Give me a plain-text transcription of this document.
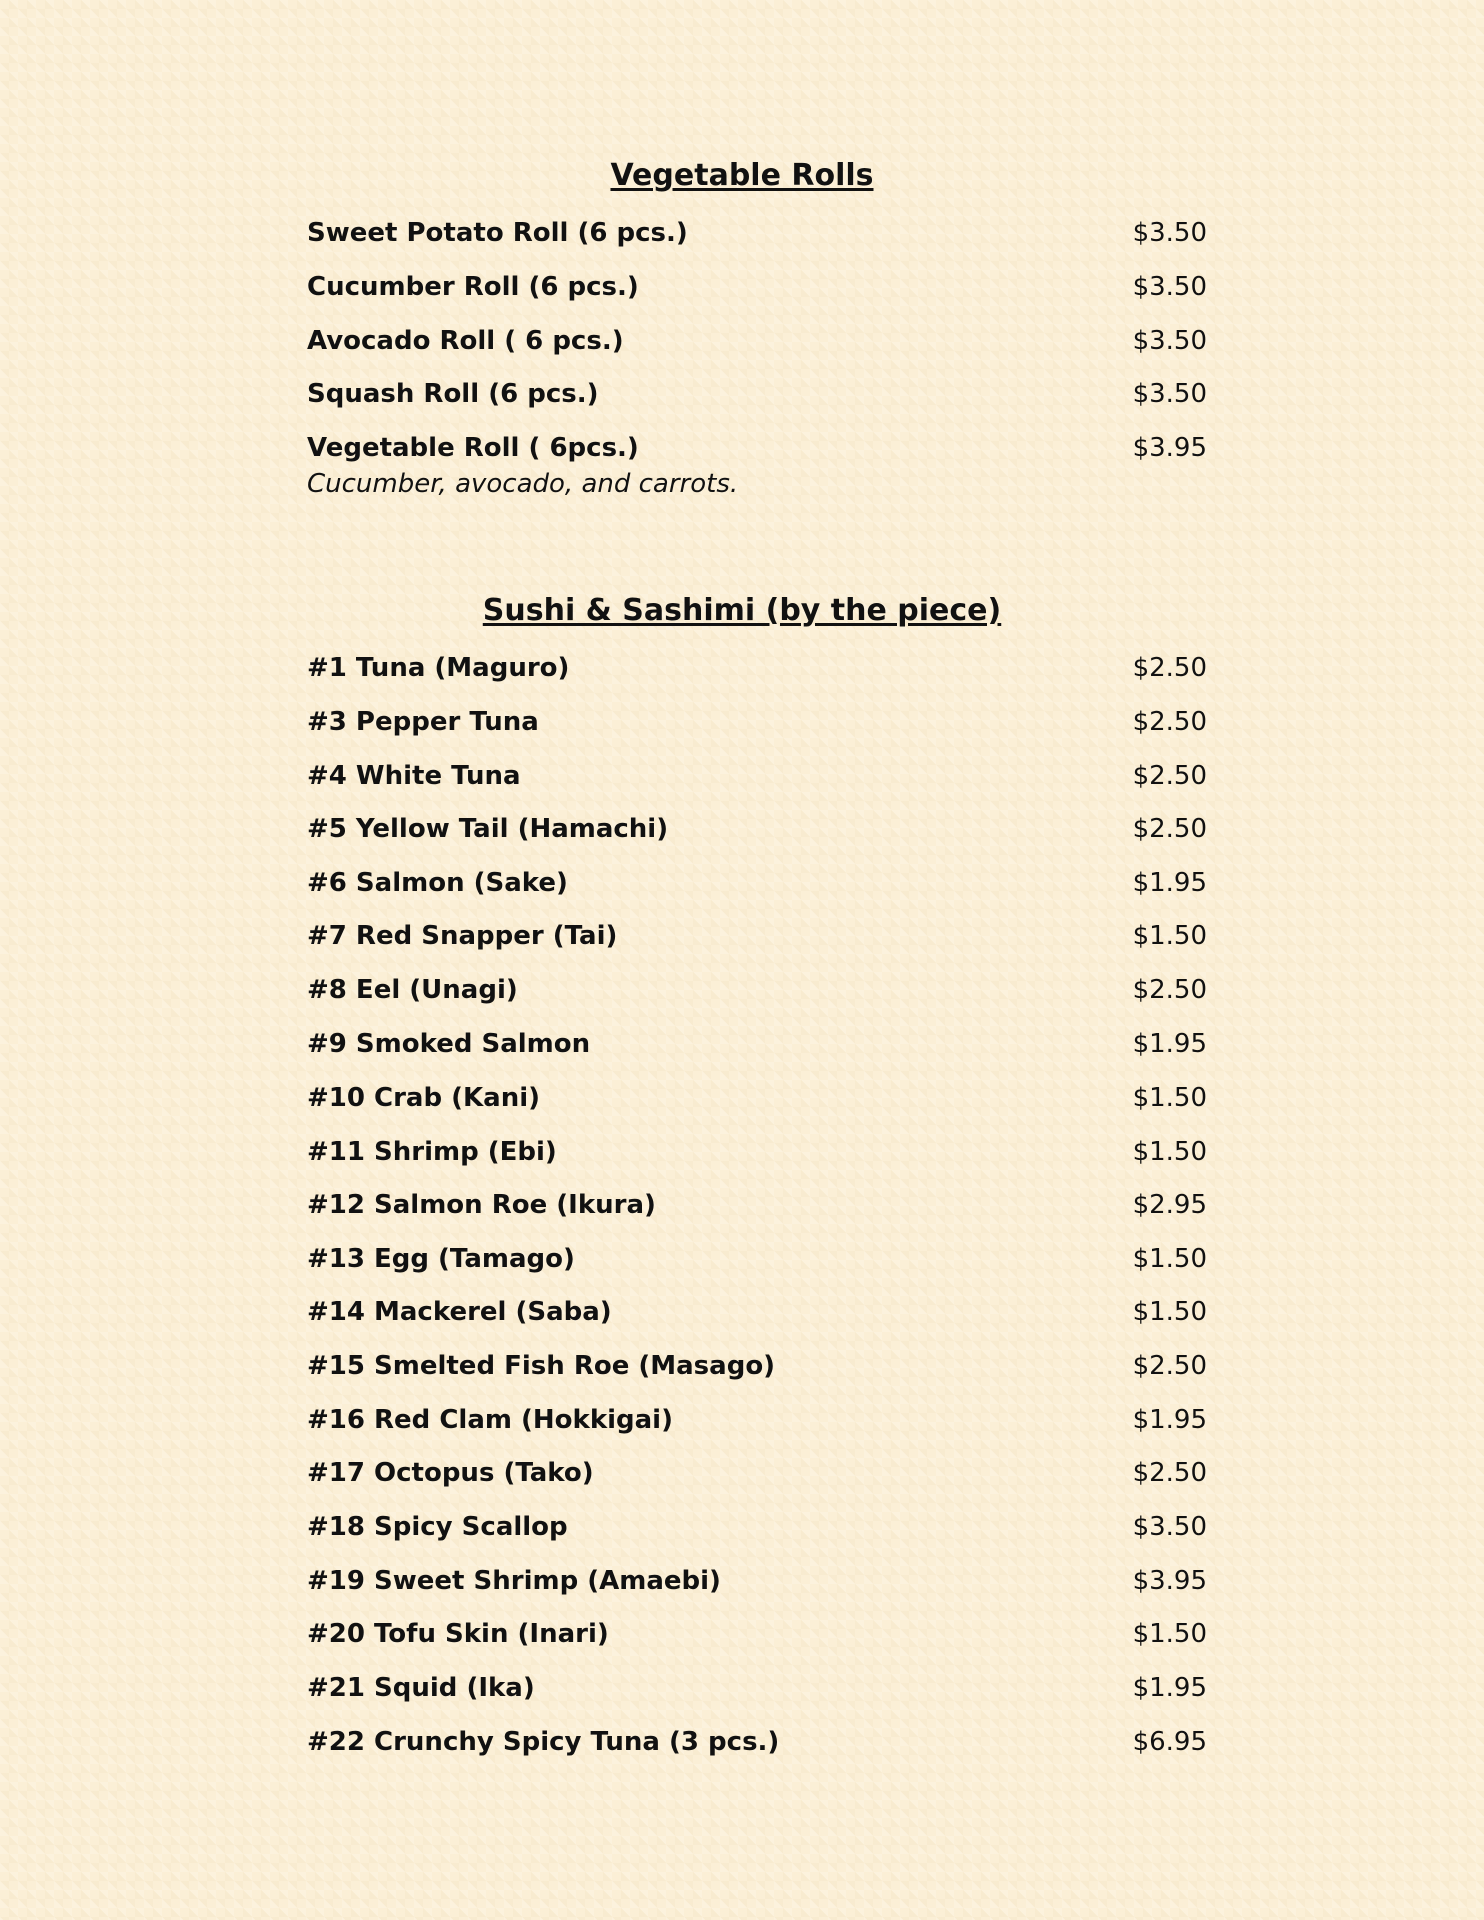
Vegetable Rolls
Sweet Potato Roll (6 pcs.)	$3.50
Cucumber Roll (6 pcs.)	$3.50
Avocado Roll ( 6 pcs.)	$3.50
Squash Roll (6 pcs.)	$3.50
Vegetable Roll ( 6pcs.)	$3.95
Cucumber, avocado, and carrots.
Sushi & Sashimi (by the piece)
#1 Tuna (Maguro)	$2.50
#3 Pepper Tuna	$2.50
#4 White Tuna	$2.50
#5 Yellow Tail (Hamachi)	$2.50
#6 Salmon (Sake)	$1.95
#7 Red Snapper (Tai)	$1.50
#8 Eel (Unagi)	$2.50
#9 Smoked Salmon	$1.95
#10 Crab (Kani)	$1.50
#11 Shrimp (Ebi)	$1.50
#12 Salmon Roe (Ikura)	$2.95
#13 Egg (Tamago)	$1.50
#14 Mackerel (Saba)	$1.50
#15 Smelted Fish Roe (Masago)	$2.50
#16 Red Clam (Hokkigai)	$1.95
#17 Octopus (Tako)	$2.50
#18 Spicy Scallop	$3.50
#19 Sweet Shrimp (Amaebi)	$3.95
#20 Tofu Skin (Inari)	$1.50
#21 Squid (Ika)	$1.95
#22 Crunchy Spicy Tuna (3 pcs.)	$6.95
